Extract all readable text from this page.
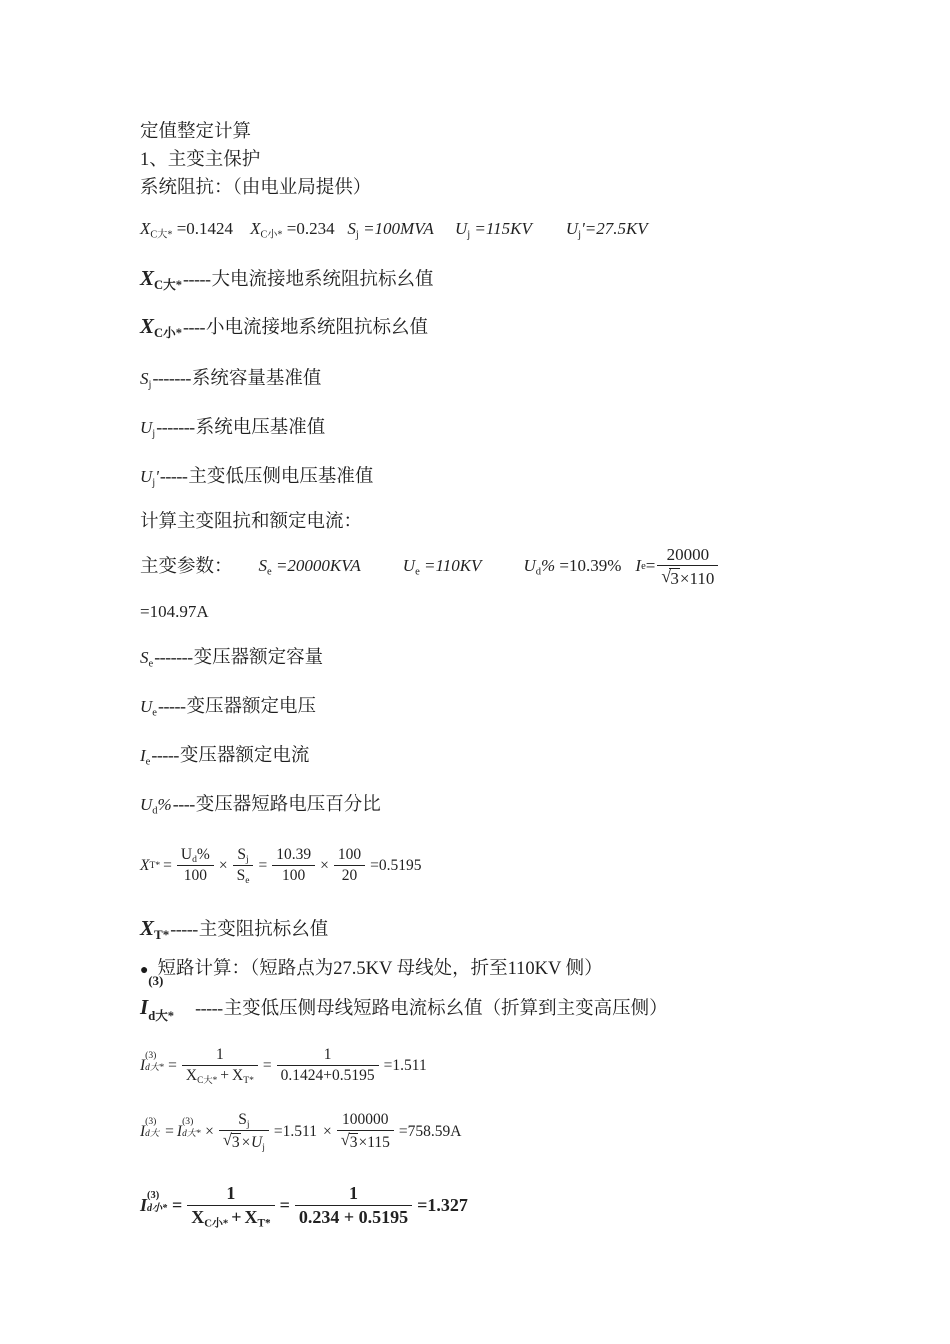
定值整定计算
1、主变主保护
系统阻抗：（由电业局提供）
$X_{C大*} =0.1424$ $X_{C小*} =0.234$ $S_j =100MVA$ $U_j =115KV$ $U_j'=27.5KV$
$X_{C大*}$ ----- 大电流接地系统阻抗标幺值
$X_{C小*}$ ---- 小电流接地系统阻抗标幺值
$S_j$ ------- 系统容量基准值
$U_j$ ------- 系统电压基准值
$U_j'$ ----- 主变低压侧电压基准值
计算主变阻抗和额定电流：
主变参数： $S_e =20000KVA$ $U_e =110KV$ $U_d\% =10.39\%$ I e = 20000
√ 3×110
=104.97A
$S_e$ ------- 变压器额定容量
$U_e$ ----- 变压器额定电压
$I_e$ ----- 变压器额定电流
$U_d\%$ ---- 变压器短路电压百分比
X $T* = \frac{U_d\%}{100} \times \frac{S_j}{S_e} = \frac{10.39}{100} \times \frac{100}{20} =0.5195$
$X_{T*}$ ----- 主变阻抗标幺值
● 短路计算：（短路点为27.5KV 母线处，折至110KV 侧）
I
(3)
$_{d大*}$ ----- 主变低压侧母线短路电流标幺值（折算到主变高压侧）
I
(3)
d大* = $\frac{1}{X_{C大*} + X_{T*}} = \frac{1}{0.1424+0.5195} =1.511$
I
(3)
d大 = I
(3)
d大* × $S_j$
√ $3\times U_j =1.511 \times 100000$
√ 3×115 =758.59A
I (3)
d小* = $\frac{1}{X_{C小*} + X_{T*}} = \frac{1}{0.234 + 0.5195} =1.327$
